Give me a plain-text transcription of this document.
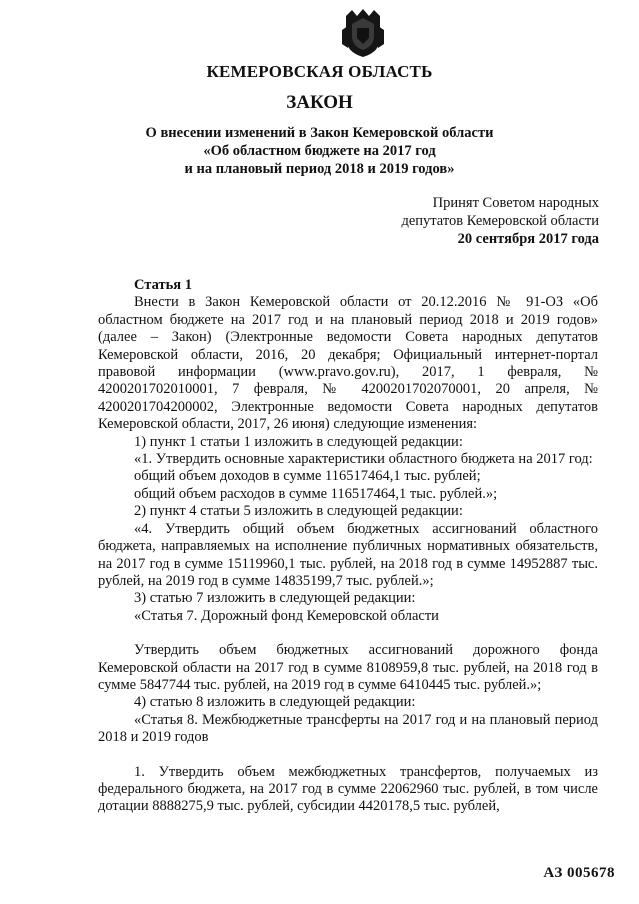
КЕМЕРОВСКАЯ ОБЛАСТЬ
ЗАКОН
О внесении изменений в Закон Кемеровской области
«Об областном бюджете на 2017 год
и на плановый период 2018 и 2019 годов»
Принят Советом народных
депутатов Кемеровской области
20 сентября 2017 года

Статья 1

Внести в Закон Кемеровской области от 20.12.2016 № 91-ОЗ «Об областном бюджете на 2017 год и на плановый период 2018 и 2019 годов» (далее – Закон) (Электронные ведомости Совета народных депутатов Кемеровской области, 2016, 20 декабря; Официальный интернет-портал правовой информации (www.pravo.gov.ru), 2017, 1 февраля, № 4200201702010001, 7 февраля, № 4200201702070001, 20 апреля, № 4200201704200002, Электронные ведомости Совета народных депутатов Кемеровской области, 2017, 26 июня) следующие изменения:

1) пункт 1 статьи 1 изложить в следующей редакции:

«1. Утвердить основные характеристики областного бюджета на 2017 год:

общий объем доходов в сумме 116517464,1 тыс. рублей;

общий объем расходов в сумме 116517464,1 тыс. рублей.»;

2) пункт 4 статьи 5 изложить в следующей редакции:

«4. Утвердить общий объем бюджетных ассигнований областного бюджета, направляемых на исполнение публичных нормативных обязательств, на 2017 год в сумме 15119960,1 тыс. рублей, на 2018 год в сумме 14952887 тыс. рублей, на 2019 год в сумме 14835199,7 тыс. рублей.»;

3) статью 7 изложить в следующей редакции:

«Статья 7. Дорожный фонд Кемеровской области

Утвердить объем бюджетных ассигнований дорожного фонда Кемеровской области на 2017 год в сумме 8108959,8 тыс. рублей, на 2018 год в сумме 5847744 тыс. рублей, на 2019 год в сумме 6410445 тыс. рублей.»;

4) статью 8 изложить в следующей редакции:

«Статья 8. Межбюджетные трансферты на 2017 год и на плановый период 2018 и 2019 годов

1. Утвердить объем межбюджетных трансфертов, получаемых из федерального бюджета, на 2017 год в сумме 22062960 тыс. рублей, в том числе дотации 8888275,9 тыс. рублей, субсидии 4420178,5 тыс. рублей,

АЗ 005678
